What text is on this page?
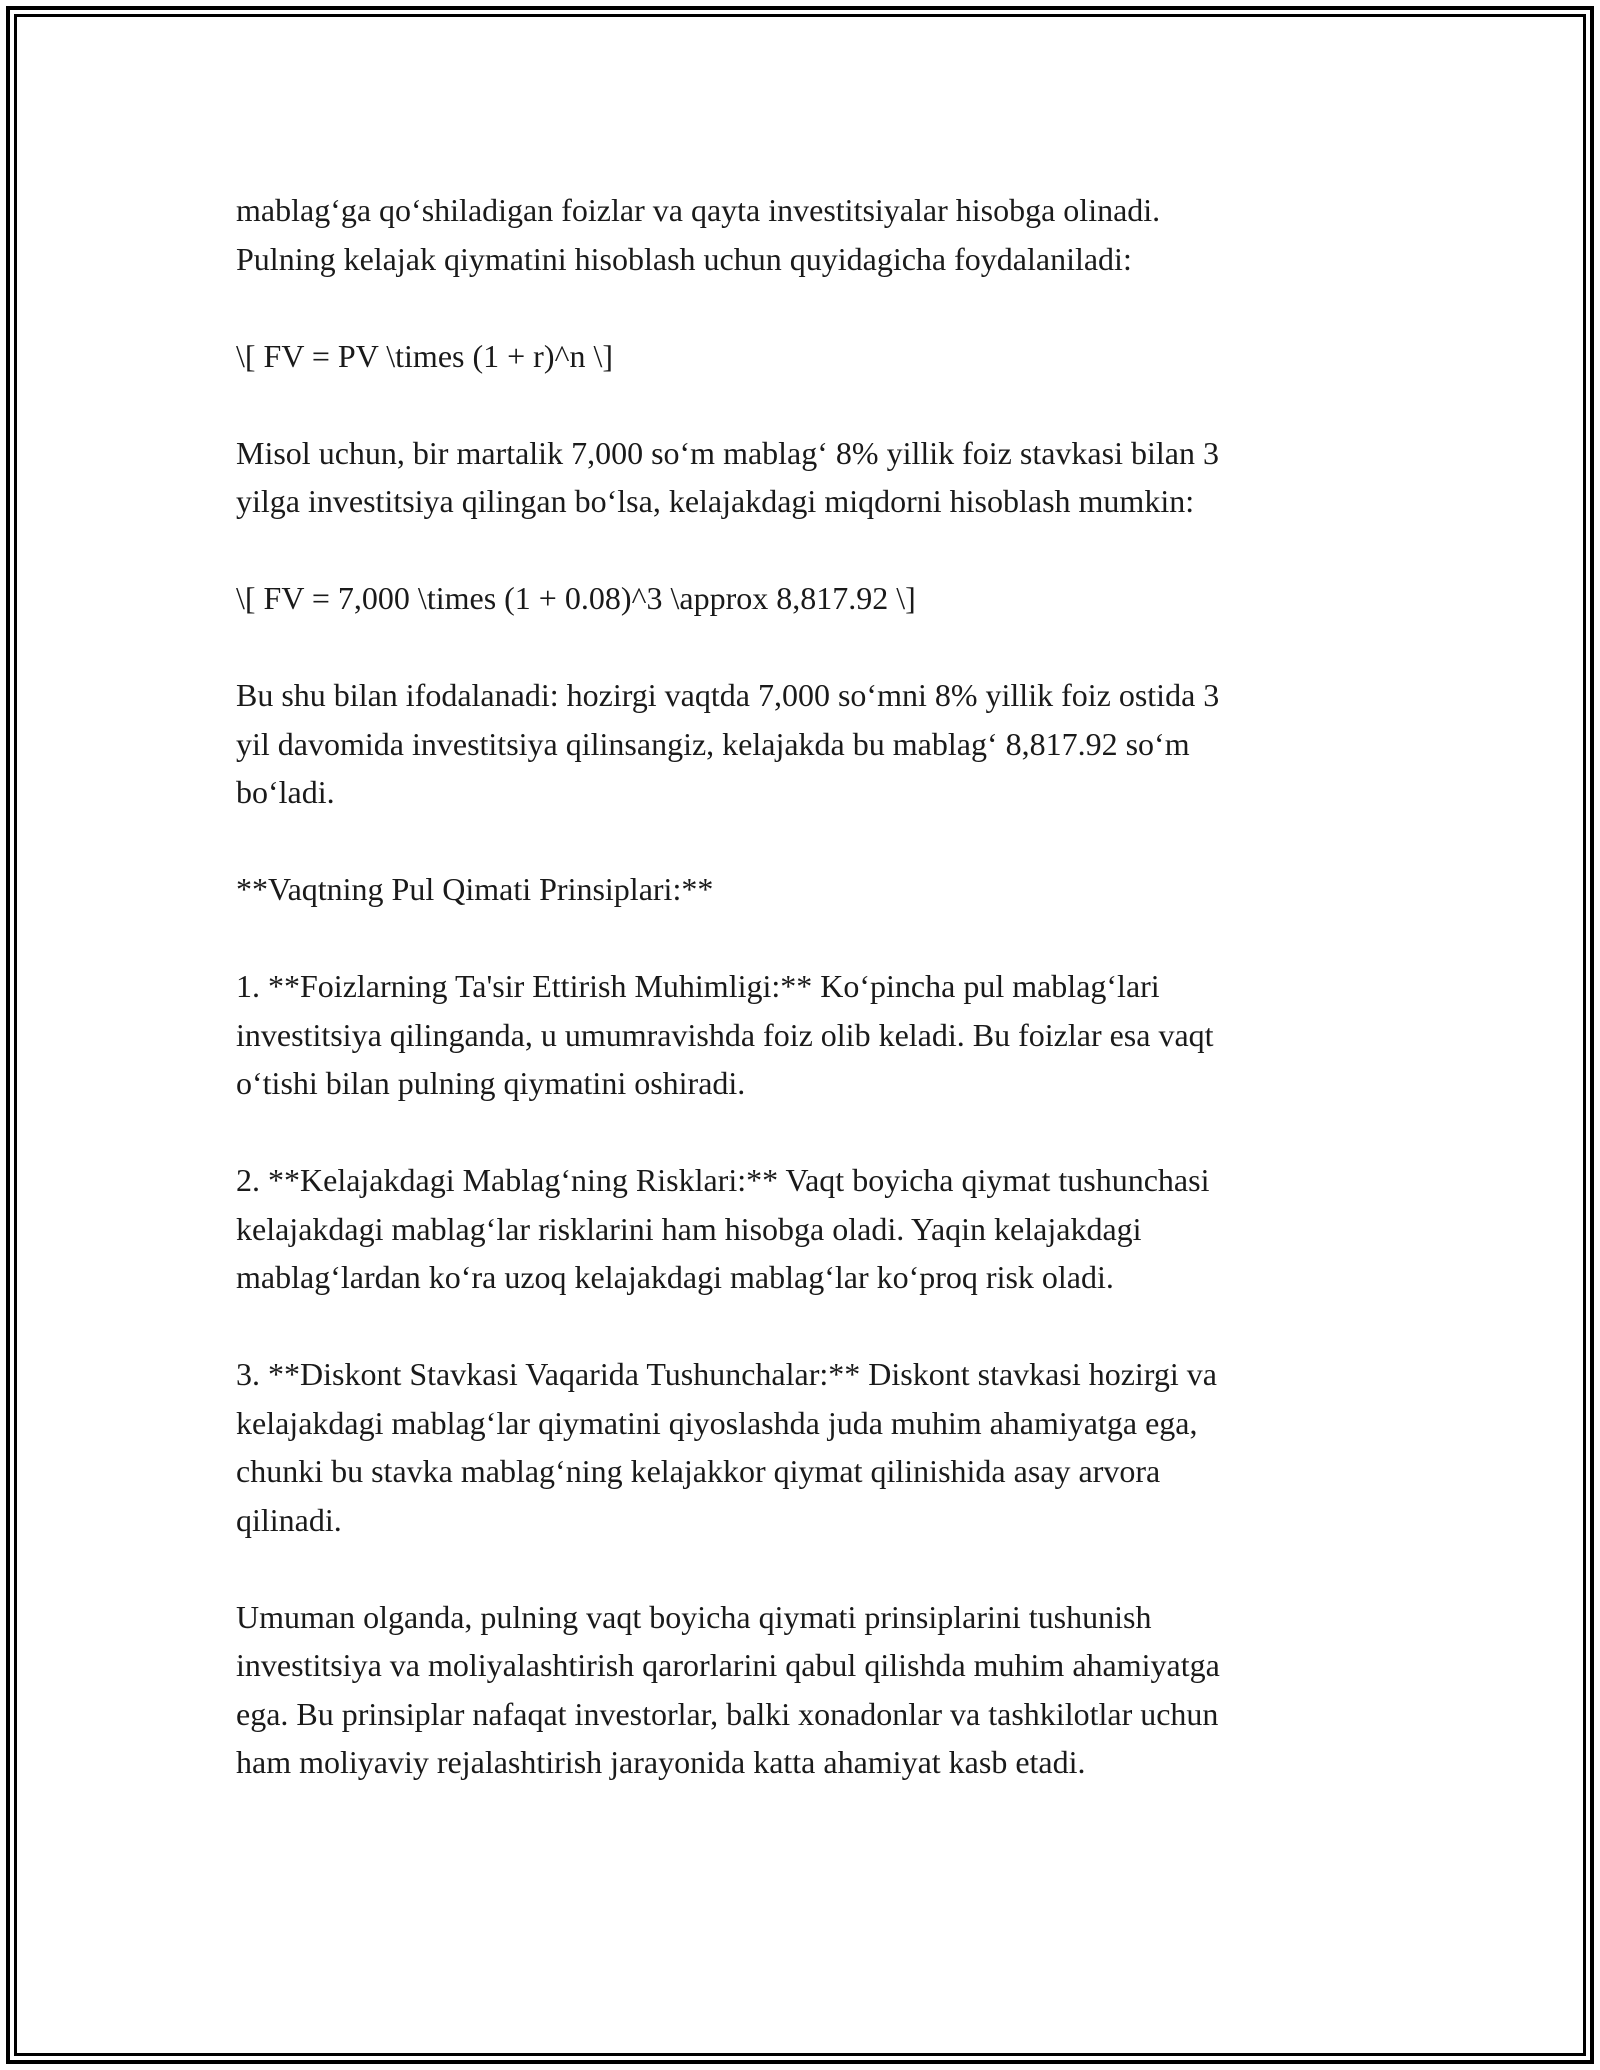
mablag‘ga qo‘shiladigan foizlar va qayta investitsiyalar hisobga olinadi.
Pulning kelajak qiymatini hisoblash uchun quyidagicha foydalaniladi:

\[ FV = PV \times (1 + r)^n \]

Misol uchun, bir martalik 7,000 so‘m mablag‘ 8% yillik foiz stavkasi bilan 3
yilga investitsiya qilingan bo‘lsa, kelajakdagi miqdorni hisoblash mumkin:

\[ FV = 7,000 \times (1 + 0.08)^3 \approx 8,817.92 \]

Bu shu bilan ifodalanadi: hozirgi vaqtda 7,000 so‘mni 8% yillik foiz ostida 3
yil davomida investitsiya qilinsangiz, kelajakda bu mablag‘ 8,817.92 so‘m
bo‘ladi.

**Vaqtning Pul Qimati Prinsiplari:**

1. **Foizlarning Ta'sir Ettirish Muhimligi:** Ko‘pincha pul mablag‘lari
investitsiya qilinganda, u umumravishda foiz olib keladi. Bu foizlar esa vaqt
o‘tishi bilan pulning qiymatini oshiradi.

2. **Kelajakdagi Mablag‘ning Risklari:** Vaqt boyicha qiymat tushunchasi
kelajakdagi mablag‘lar risklarini ham hisobga oladi. Yaqin kelajakdagi
mablag‘lardan ko‘ra uzoq kelajakdagi mablag‘lar ko‘proq risk oladi.

3. **Diskont Stavkasi Vaqarida Tushunchalar:** Diskont stavkasi hozirgi va
kelajakdagi mablag‘lar qiymatini qiyoslashda juda muhim ahamiyatga ega,
chunki bu stavka mablag‘ning kelajakkor qiymat qilinishida asay arvora
qilinadi.

Umuman olganda, pulning vaqt boyicha qiymati prinsiplarini tushunish
investitsiya va moliyalashtirish qarorlarini qabul qilishda muhim ahamiyatga
ega. Bu prinsiplar nafaqat investorlar, balki xonadonlar va tashkilotlar uchun
ham moliyaviy rejalashtirish jarayonida katta ahamiyat kasb etadi.
